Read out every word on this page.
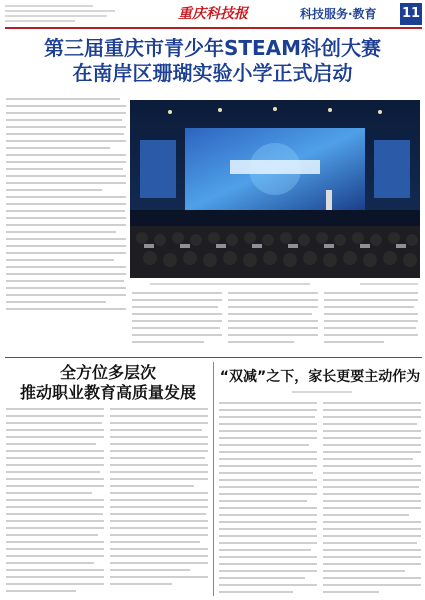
重庆科技报	科技服务·教育 11
第三届重庆市青少年STEAM科创大赛
在南岸区珊瑚实验小学正式启动
全方位多层次
推动职业教育高质量发展
“双减”之下，家长更要主动作为
